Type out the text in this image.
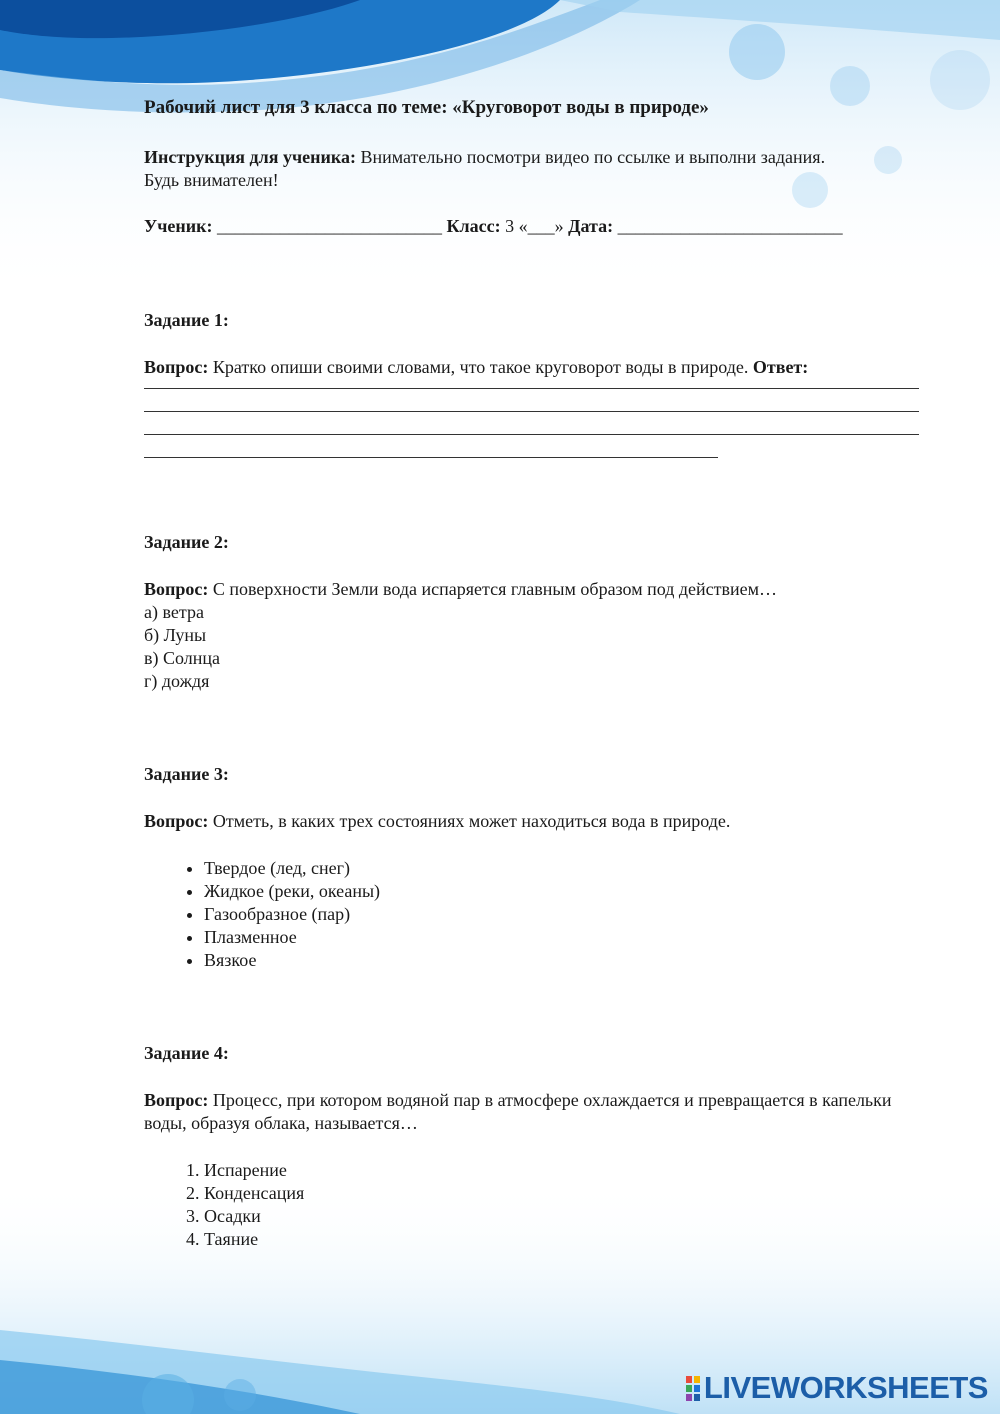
Рабочий лист для 3 класса по теме: «Круговорот воды в природе»

Инструкция для ученика: Внимательно посмотри видео по ссылке и выполни задания.

Будь внимателен!

Ученик: _________________________ Класс: 3 «___» Дата: _________________________

Задание 1:

Вопрос: Кратко опиши своими словами, что такое круговорот воды в природе. Ответ:

Задание 2:

Вопрос: С поверхности Земли вода испаряется главным образом под действием…

а) ветра

б) Луны

в) Солнца

г) дождя

Задание 3:

Вопрос: Отметь, в каких трех состояниях может находиться вода в природе.

• Твердое (лед, снег)
• Жидкое (реки, океаны)
• Газообразное (пар)
• Плазменное
• Вязкое

Задание 4:

Вопрос: Процесс, при котором водяной пар в атмосфере охлаждается и превращается в капельки воды, образуя облака, называется…

1. Испарение
2. Конденсация
3. Осадки
4. Таяние
LIVEWORKSHEETS
